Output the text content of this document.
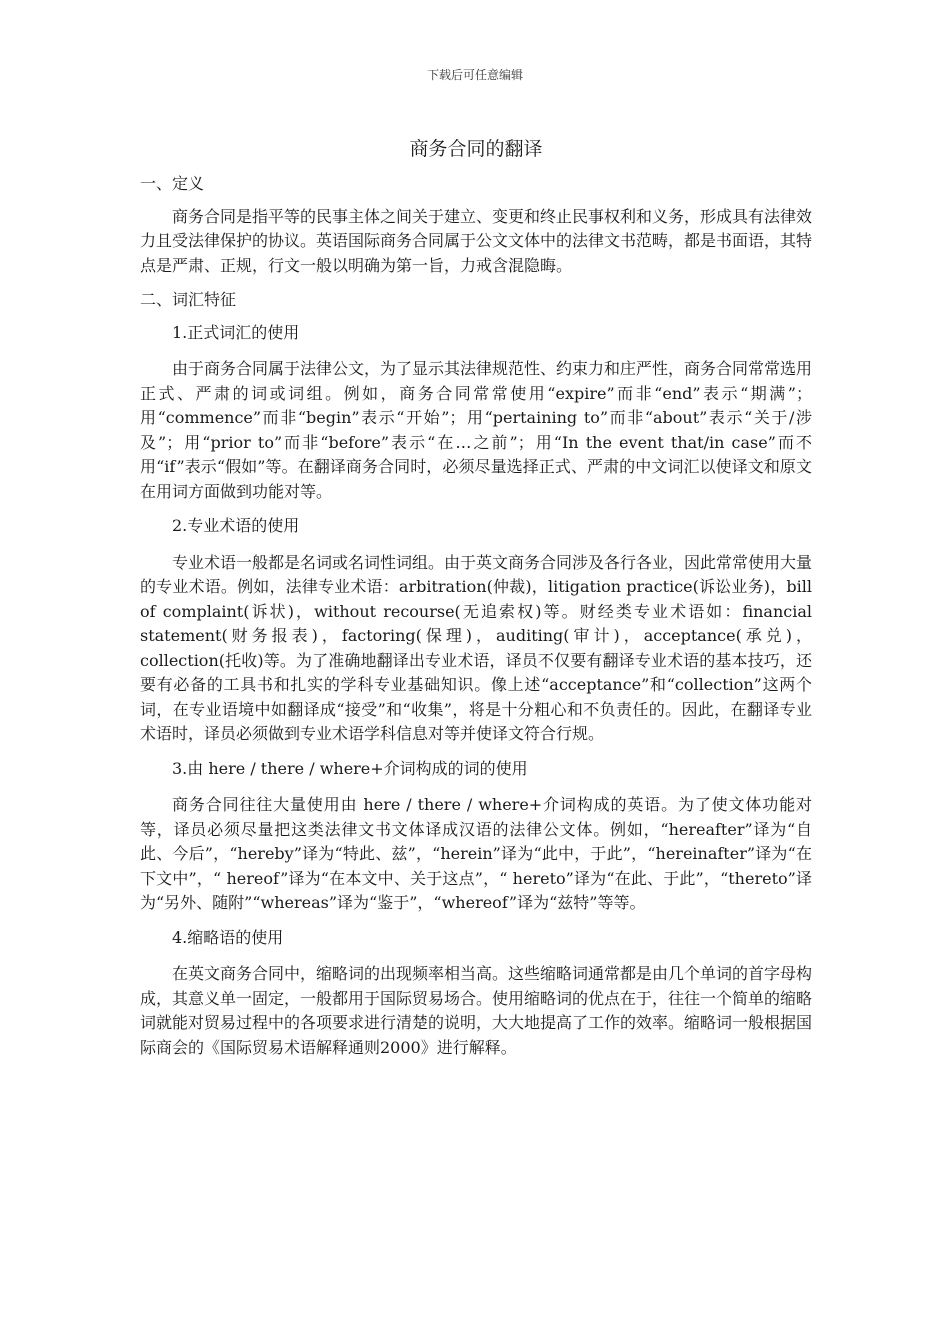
下载后可任意编辑
商务合同的翻译
一、定义
商务合同是指平等的民事主体之间关于建立、变更和终止民事权利和义务，形成具有法律效力且受法律保护的协议。英语国际商务合同属于公文文体中的法律文书范畴，都是书面语，其特点是严肃、正规，行文一般以明确为第一旨，力戒含混隐晦。
二、词汇特征
1.正式词汇的使用
由于商务合同属于法律公文，为了显示其法律规范性、约束力和庄严性，商务合同常常选用正式、严肃的词或词组。例如，商务合同常常使用“expire”而非“end”表示“期满”；用“commence”而非“begin”表示“开始”；用“pertaining to”而非“about”表示“关于/涉及”；用“prior to”而非“before”表示“在…之前”；用“In the event that/in case”而不用“if”表示“假如”等。在翻译商务合同时，必须尽量选择正式、严肃的中文词汇以使译文和原文在用词方面做到功能对等。
2.专业术语的使用
专业术语一般都是名词或名词性词组。由于英文商务合同涉及各行各业，因此常常使用大量的专业术语。例如，法律专业术语：arbitration(仲裁)，litigation practice(诉讼业务)，bill of complaint(诉状)，without recourse(无追索权)等。财经类专业术语如：financial statement(财务报表)，factoring(保理)，auditing(审计)，acceptance(承兑)，collection(托收)等。为了准确地翻译出专业术语，译员不仅要有翻译专业术语的基本技巧，还要有必备的工具书和扎实的学科专业基础知识。像上述“acceptance”和“collection”这两个词，在专业语境中如翻译成“接受”和“收集”，将是十分粗心和不负责任的。因此，在翻译专业术语时，译员必须做到专业术语学科信息对等并使译文符合行规。
3.由 here / there / where+介词构成的词的使用
商务合同往往大量使用由 here / there / where+介词构成的英语。为了使文体功能对等，译员必须尽量把这类法律文书文体译成汉语的法律公文体。例如，“hereafter”译为“自此、今后”，“hereby”译为“特此、兹”，“herein”译为“此中，于此”，“hereinafter”译为“在下文中”，“ hereof”译为“在本文中、关于这点”，“ hereto”译为“在此、于此”，“thereto”译为“另外、随附”“whereas”译为“鉴于”，“whereof”译为“兹特”等等。
4.缩略语的使用
在英文商务合同中，缩略词的出现频率相当高。这些缩略词通常都是由几个单词的首字母构成，其意义单一固定，一般都用于国际贸易场合。使用缩略词的优点在于，往往一个简单的缩略词就能对贸易过程中的各项要求进行清楚的说明，大大地提高了工作的效率。缩略词一般根据国际商会的《国际贸易术语解释通则2000》进行解释。
